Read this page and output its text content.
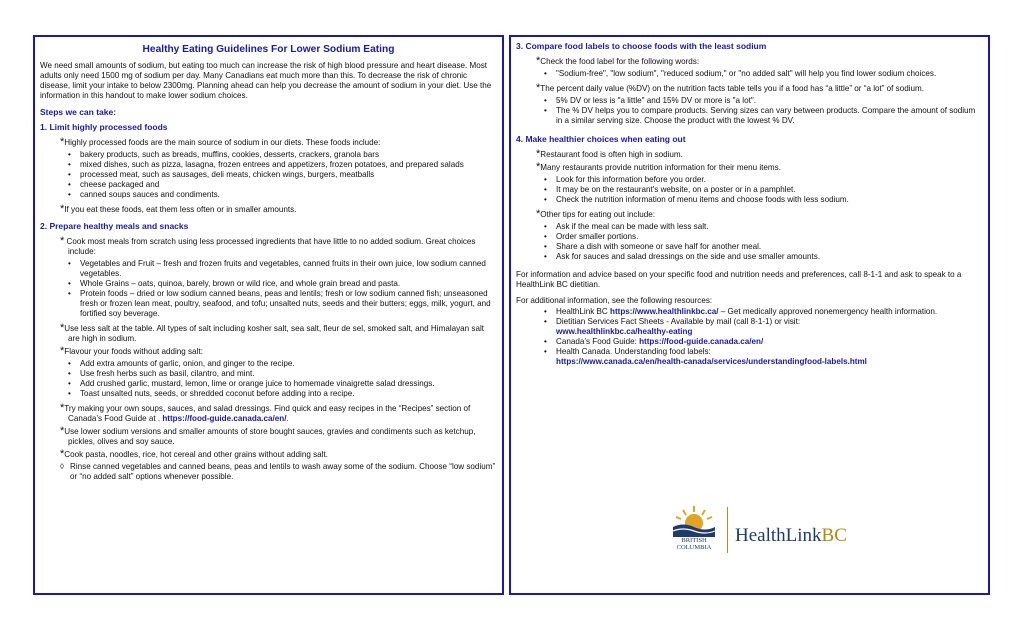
Healthy Eating Guidelines For Lower Sodium Eating
We need small amounts of sodium, but eating too much can increase the risk of high blood pressure and heart disease. Most adults only need 1500 mg of sodium per day. Many Canadians eat much more than this. To decrease the risk of chronic disease, limit your intake to below 2300mg. Planning ahead can help you decrease the amount of sodium in your diet. Use the information in this handout to make lower sodium choices.
Steps we can take:
1. Limit highly processed foods
*Highly processed foods are the main source of sodium in our diets. These foods include:
• bakery products, such as breads, muffins, cookies, desserts, crackers, granola bars
• mixed dishes, such as pizza, lasagna, frozen entrees and appetizers, frozen potatoes, and prepared salads
• processed meat, such as sausages, deli meats, chicken wings, burgers, meatballs
• cheese packaged and
• canned soups sauces and condiments.
*If you eat these foods, eat them less often or in smaller amounts.
2. Prepare healthy meals and snacks
* Cook most meals from scratch using less processed ingredients that have little to no added sodium. Great choices include:
• Vegetables and Fruit – fresh and frozen fruits and vegetables, canned fruits in their own juice, low sodium canned vegetables.
• Whole Grains – oats, quinoa, barely, brown or wild rice, and whole grain bread and pasta.
• Protein foods – dried or low sodium canned beans, peas and lentils; fresh or low sodium canned fish; unseasoned fresh or frozen lean meat, poultry, seafood, and tofu; unsalted nuts, seeds and their butters; eggs, milk, yogurt, and fortified soy beverage.
*Use less salt at the table. All types of salt including kosher salt, sea salt, fleur de sel, smoked salt, and Himalayan salt are high in sodium.
*Flavour your foods without adding salt:
• Add extra amounts of garlic, onion, and ginger to the recipe.
• Use fresh herbs such as basil, cilantro, and mint.
• Add crushed garlic, mustard, lemon, lime or orange juice to homemade vinaigrette salad dressings.
• Toast unsalted nuts, seeds, or shredded coconut before adding into a recipe.
*Try making your own soups, sauces, and salad dressings. Find quick and easy recipes in the “Recipes” section of Canada’s Food Guide at . https://food-guide.canada.ca/en/.
*Use lower sodium versions and smaller amounts of store bought sauces, gravies and condiments such as ketchup, pickles, olives and soy sauce.
*Cook pasta, noodles, rice, hot cereal and other grains without adding salt.
◊ Rinse canned vegetables and canned beans, peas and lentils to wash away some of the sodium. Choose “low sodium” or “no added salt” options whenever possible.
3. Compare food labels to choose foods with the least sodium
*Check the food label for the following words:
• "Sodium-free", "low sodium", "reduced sodium," or "no added salt" will help you find lower sodium choices.
*The percent daily value (%DV) on the nutrition facts table tells you if a food has “a little” or “a lot” of sodium.
• 5% DV or less is "a little" and 15% DV or more is "a lot".
• The % DV helps you to compare products. Serving sizes can vary between products. Compare the amount of sodium in a similar serving size. Choose the product with the lowest % DV.
4. Make healthier choices when eating out
*Restaurant food is often high in sodium.
*Many restaurants provide nutrition information for their menu items.
• Look for this information before you order.
• It may be on the restaurant's website, on a poster or in a pamphlet.
• Check the nutrition information of menu items and choose foods with less sodium.
*Other tips for eating out include:
• Ask if the meal can be made with less salt.
• Order smaller portions.
• Share a dish with someone or save half for another meal.
• Ask for sauces and salad dressings on the side and use smaller amounts.
For information and advice based on your specific food and nutrition needs and preferences, call 8-1-1 and ask to speak to a HealthLink BC dietitian.
For additional information, see the following resources:
• HealthLink BC https://www.healthlinkbc.ca/ – Get medically approved nonemergency health information.
• Dietitian Services Fact Sheets - Available by mail (call 8-1-1) or visit:
www.healthlinkbc.ca/healthy-eating
• Canada’s Food Guide: https://food-guide.canada.ca/en/
• Health Canada. Understanding food labels:
https://www.canada.ca/en/health-canada/services/understandingfood-labels.html
BRITISH
COLUMBIA
HealthLinkBC
